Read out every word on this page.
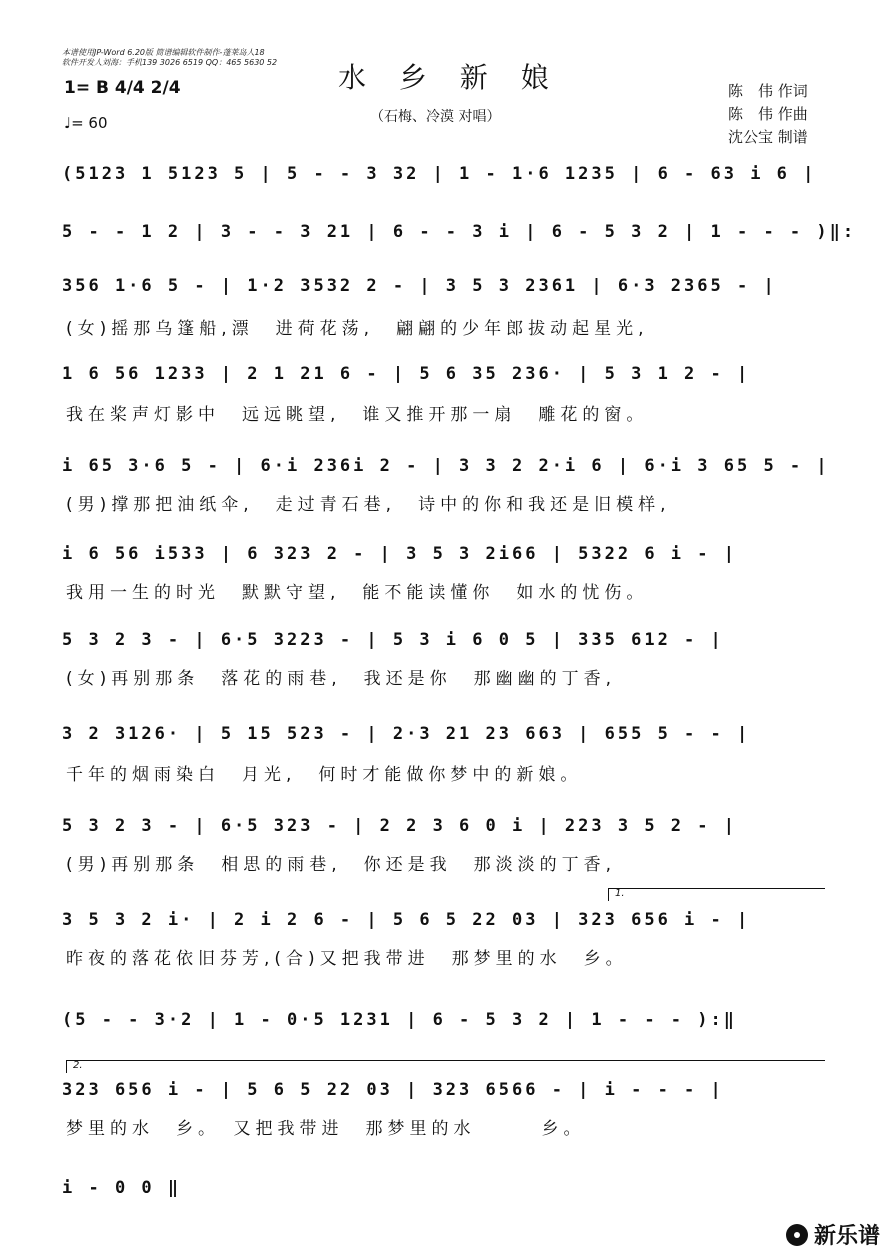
本谱使用JP-Word 6.20版 简谱编辑软件制作-蓬莱岛人18
软件开发人刘海：手机139 3026 6519 QQ：465 5630 52
1= B 4/4 2/4
♩= 60
水 乡 新 娘
（石梅、冷漠 对唱）
陈　伟 作词
陈　伟 作曲
沈公宝 制谱
(5123 1 5123 5 | 5 - - 3 32 | 1 - 1·6 1235 | 6 - 63 i 6 |
5 - - 1 2 | 3 - - 3 21 | 6 - - 3 i | 6 - 5 3 2 | 1 - - - )‖:
356 1·6 5 - | 1·2 3532 2 - | 3 5 3 2361 | 6·3 2365 - |
(女)摇那乌篷船,漂　进荷花荡,　翩翩的少年郎拔动起星光,
1 6 56 1233 | 2 1 21 6 - | 5 6 35 236· | 5 3 1 2 - |
我在桨声灯影中　远远眺望,　谁又推开那一扇　雕花的窗。
i 65 3·6 5 - | 6·i 236i 2 - | 3 3 2 2·i 6 | 6·i 3 65 5 - |
(男)撑那把油纸伞,　走过青石巷,　诗中的你和我还是旧模样,
i 6 56 i533 | 6 323 2 - | 3 5 3 2i66 | 5322 6 i - |
我用一生的时光　默默守望,　能不能读懂你　如水的忧伤。
5 3 2 3 - | 6·5 3223 - | 5 3 i 6 0 5 | 335 612 - |
(女)再别那条　落花的雨巷,　我还是你　那幽幽的丁香,
3 2 3126· | 5 15 523 - | 2·3 21 23 663 | 655 5 - - |
千年的烟雨染白　月光,　何时才能做你梦中的新娘。
5 3 2 3 - | 6·5 323 - | 2 2 3 6 0 i | 223 3 5 2 - |
(男)再别那条　相思的雨巷,　你还是我　那淡淡的丁香,
1.
3 5 3 2 i· | 2 i 2 6 - | 5 6 5 22 03 | 323 656 i - |
昨夜的落花依旧芬芳,(合)又把我带进　那梦里的水　乡。
(5 - - 3·2 | 1 - 0·5 1231 | 6 - 5 3 2 | 1 - - - ):‖
2.
323 656 i - | 5 6 5 22 03 | 323 6566 - | i - - - |
梦里的水　乡。　又把我带进　那梦里的水　　　乡。
i - 0 0 ‖
新乐谱
